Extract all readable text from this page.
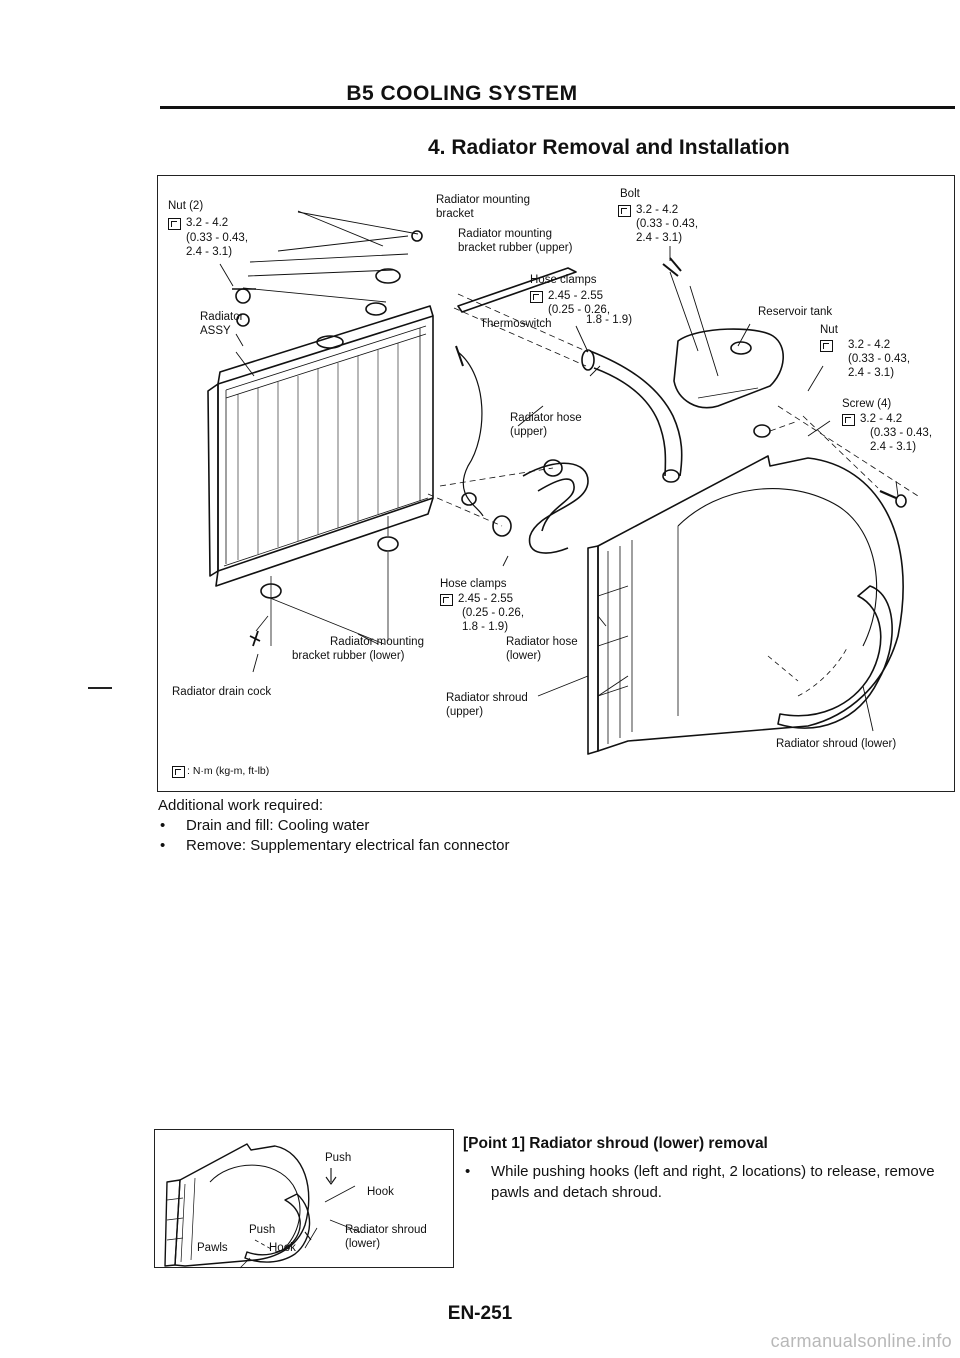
B5 COOLING SYSTEM
4. Radiator Removal and Installation
Nut (2)
3.2 - 4.2
(0.33 - 0.43,
2.4 - 3.1)
Radiator
ASSY
Radiator mounting
bracket
Radiator mounting
bracket rubber (upper)
Bolt
3.2 - 4.2
(0.33 - 0.43,
2.4 - 3.1)
Hose clamps
2.45 - 2.55
(0.25 - 0.26,
Thermoswitch	1.8 - 1.9)
Reservoir tank
Nut
3.2 - 4.2
(0.33 - 0.43,
2.4 - 3.1)
Screw (4)
3.2 - 4.2
(0.33 - 0.43,
2.4 - 3.1)
Radiator hose
(upper)
Hose clamps
2.45 - 2.55
(0.25 - 0.26,
1.8 - 1.9)
Radiator mounting
bracket rubber (lower)
Radiator hose
(lower)
Radiator drain cock	Radiator shroud
(upper)
Radiator shroud (lower)
: N·m (kg-m, ft-lb)
Additional work required:
• Drain and fill: Cooling water
• Remove: Supplementary electrical fan connector
Push
Hook
Push
Pawls	Hook
Radiator shroud
(lower)
[Point 1] Radiator shroud (lower) removal
•	While pushing hooks (left and right, 2 locations) to release, remove pawls and detach shroud.
EN-251
carmanualsonline.info
